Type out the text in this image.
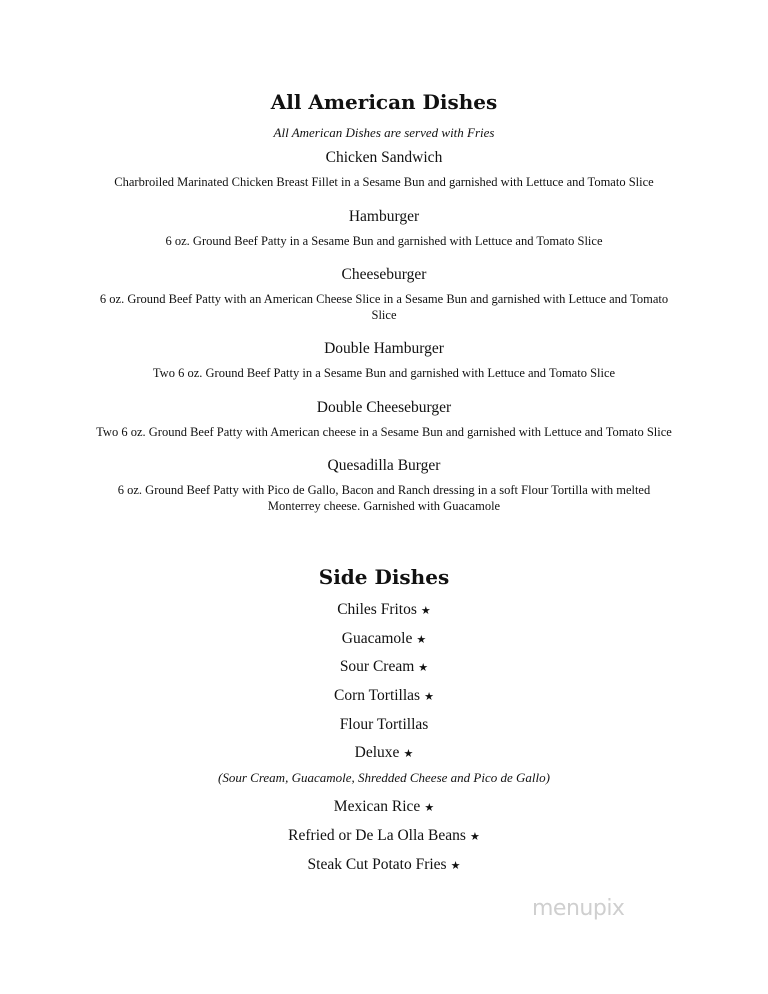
All American Dishes
All American Dishes are served with Fries
Chicken Sandwich
Charbroiled Marinated Chicken Breast Fillet in a Sesame Bun and garnished with Lettuce and Tomato Slice
Hamburger
6 oz. Ground Beef Patty in a Sesame Bun and garnished with Lettuce and Tomato Slice
Cheeseburger
6 oz. Ground Beef Patty with an American Cheese Slice in a Sesame Bun and garnished with Lettuce and Tomato Slice
Double Hamburger
Two 6 oz. Ground Beef Patty in a Sesame Bun and garnished with Lettuce and Tomato Slice
Double Cheeseburger
Two 6 oz. Ground Beef Patty with American cheese in a Sesame Bun and garnished with Lettuce and Tomato Slice
Quesadilla Burger
6 oz. Ground Beef Patty with Pico de Gallo, Bacon and Ranch dressing in a soft Flour Tortilla with melted Monterrey cheese. Garnished with Guacamole
Side Dishes
Chiles Fritos ★
Guacamole ★
Sour Cream ★
Corn Tortillas ★
Flour Tortillas
Deluxe ★
(Sour Cream, Guacamole, Shredded Cheese and Pico de Gallo)
Mexican Rice ★
Refried or De La Olla Beans ★
Steak Cut Potato Fries ★
menupix
